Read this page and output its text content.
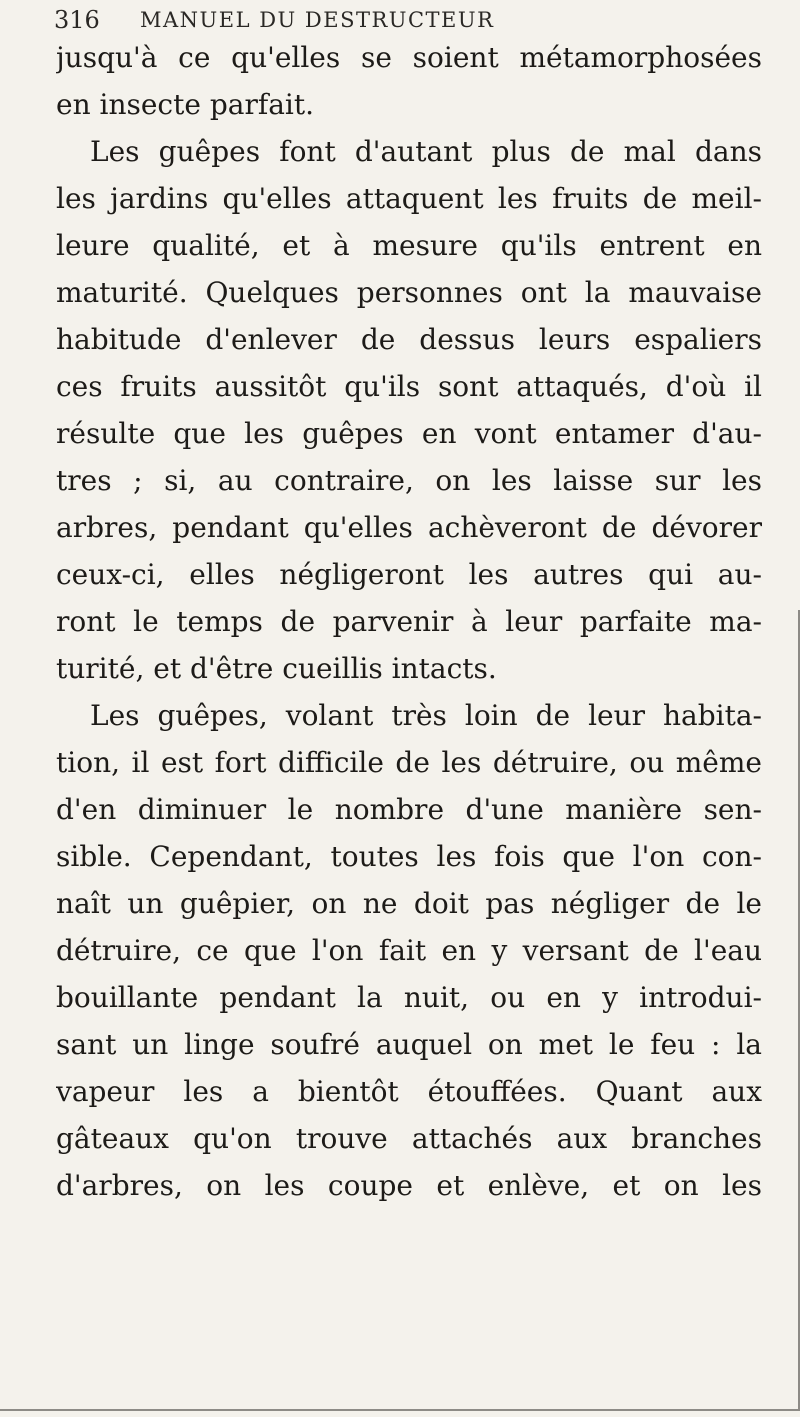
316 MANUEL DU DESTRUCTEUR
jusqu'à ce qu'elles se soient métamorphosées
en insecte parfait.
Les guêpes font d'autant plus de mal dans
les jardins qu'elles attaquent les fruits de meil-
leure qualité, et à mesure qu'ils entrent en
maturité. Quelques personnes ont la mauvaise
habitude d'enlever de dessus leurs espaliers
ces fruits aussitôt qu'ils sont attaqués, d'où il
résulte que les guêpes en vont entamer d'au-
tres ; si, au contraire, on les laisse sur les
arbres, pendant qu'elles achèveront de dévorer
ceux-ci, elles négligeront les autres qui au-
ront le temps de parvenir à leur parfaite ma-
turité, et d'être cueillis intacts.
Les guêpes, volant très loin de leur habita-
tion, il est fort difficile de les détruire, ou même
d'en diminuer le nombre d'une manière sen-
sible. Cependant, toutes les fois que l'on con-
naît un guêpier, on ne doit pas négliger de le
détruire, ce que l'on fait en y versant de l'eau
bouillante pendant la nuit, ou en y introdui-
sant un linge soufré auquel on met le feu : la
vapeur les a bientôt étouffées. Quant aux
gâteaux qu'on trouve attachés aux branches
d'arbres, on les coupe et enlève, et on les
